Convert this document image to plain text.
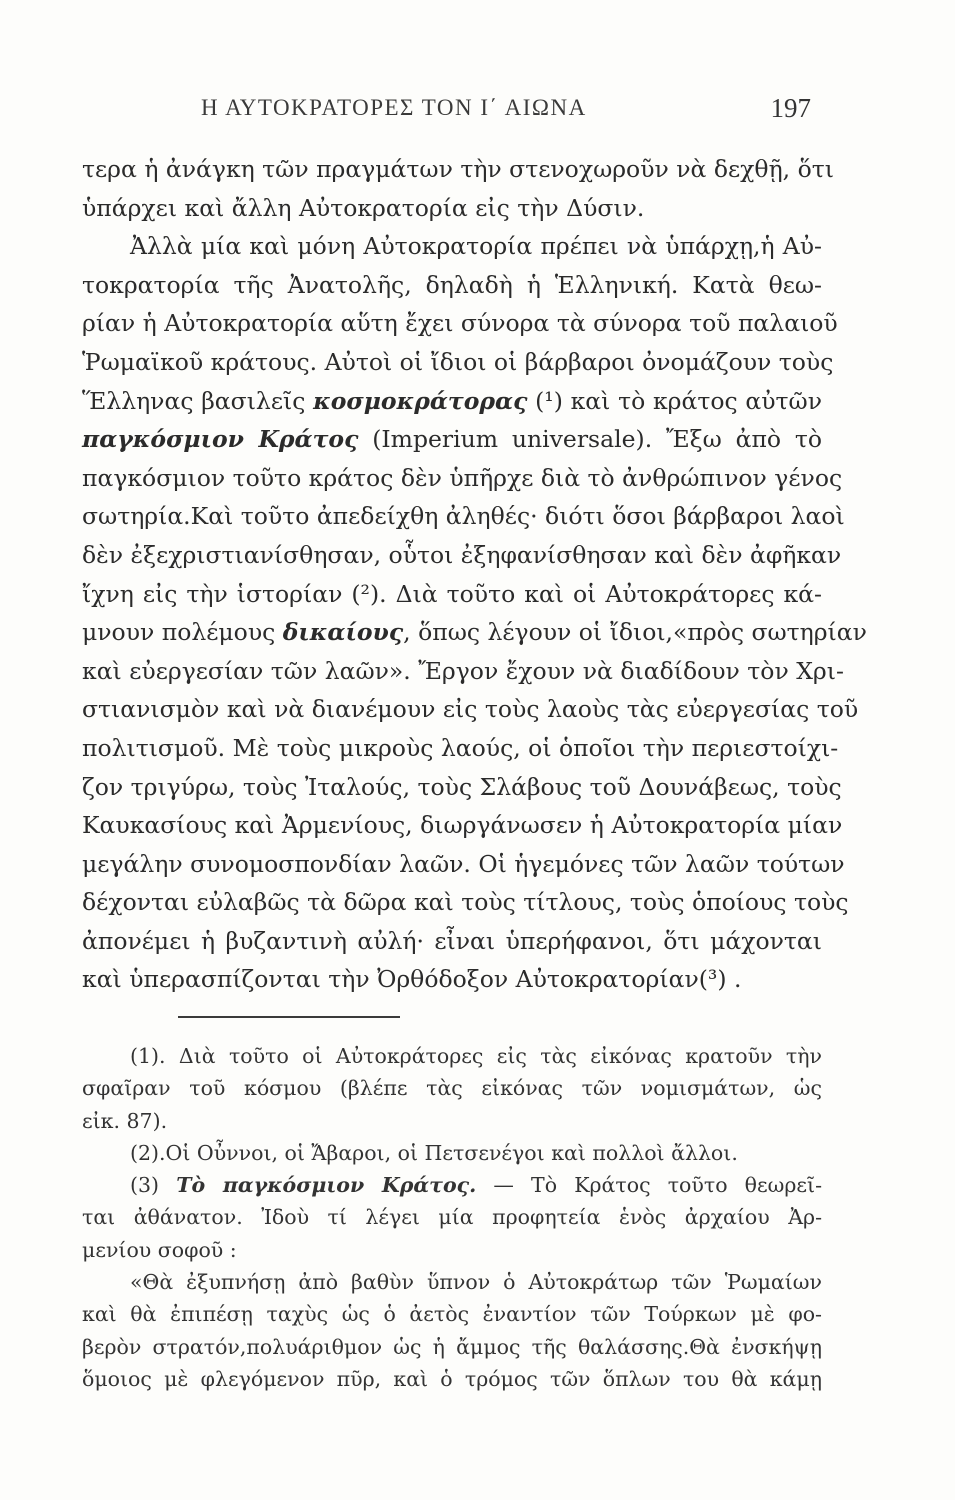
Η ΑΥΤΟΚΡΑΤΟΡΕΣ ΤΟΝ Ι΄ ΑΙΩΝΑ	197
τερα ἡ ἀνάγκη τῶν πραγμάτων τὴν στενοχωροῦν νὰ δεχθῇ, ὅτι
ὑπάρχει καὶ ἄλλη Αὐτοκρατορία εἰς τὴν Δύσιν.
Ἀλλὰ μία καὶ μόνη Αὐτοκρατορία πρέπει νὰ ὑπάρχῃ,ἡ Αὐ-
τοκρατορία τῆς Ἀνατολῆς, δηλαδὴ ἡ Ἑλληνική. Κατὰ θεω-
ρίαν ἡ Αὐτοκρατορία αὕτη ἔχει σύνορα τὰ σύνορα τοῦ παλαιοῦ
Ῥωμαϊκοῦ κράτους. Αὐτοὶ οἱ ἴδιοι οἱ βάρβαροι ὀνομάζουν τοὺς
Ἕλληνας βασιλεῖς κοσμοκράτορας (¹) καὶ τὸ κράτος αὐτῶν
παγκόσμιον Κράτος (Imperium universale). Ἔξω ἀπὸ τὸ
παγκόσμιον τοῦτο κράτος δὲν ὑπῆρχε διὰ τὸ ἀνθρώπινον γένος
σωτηρία.Καὶ τοῦτο ἀπεδείχθη ἀληθές· διότι ὅσοι βάρβαροι λαοὶ
δὲν ἐξεχριστιανίσθησαν, οὗτοι ἐξηφανίσθησαν καὶ δὲν ἀφῆκαν
ἴχνη εἰς τὴν ἱστορίαν (²). Διὰ τοῦτο καὶ οἱ Αὐτοκράτορες κά-
μνουν πολέμους δικαίους, ὅπως λέγουν οἱ ἴδιοι,«πρὸς σωτηρίαν
καὶ εὐεργεσίαν τῶν λαῶν». Ἔργον ἔχουν νὰ διαδίδουν τὸν Χρι-
στιανισμὸν καὶ νὰ διανέμουν εἰς τοὺς λαοὺς τὰς εὐεργεσίας τοῦ
πολιτισμοῦ. Μὲ τοὺς μικροὺς λαούς, οἱ ὁποῖοι τὴν περιεστοίχι-
ζον τριγύρω, τοὺς Ἰταλούς, τοὺς Σλάβους τοῦ Δουνάβεως, τοὺς
Καυκασίους καὶ Ἀρμενίους, διωργάνωσεν ἡ Αὐτοκρατορία μίαν
μεγάλην συνομοσπονδίαν λαῶν. Οἱ ἡγεμόνες τῶν λαῶν τούτων
δέχονται εὐλαβῶς τὰ δῶρα καὶ τοὺς τίτλους, τοὺς ὁποίους τοὺς
ἀπονέμει ἡ βυζαντινὴ αὐλή· εἶναι ὑπερήφανοι, ὅτι μάχονται
καὶ ὑπερασπίζονται τὴν Ὀρθόδοξον Αὐτοκρατορίαν(³) .
(1). Διὰ τοῦτο οἱ Αὐτοκράτορες εἰς τὰς εἰκόνας κρατοῦν τὴν
σφαῖραν τοῦ κόσμου (βλέπε τὰς εἰκόνας τῶν νομισμάτων, ὡς
εἰκ. 87).
(2).Οἱ Οὖννοι, οἱ Ἄβαροι, οἱ Πετσενέγοι καὶ πολλοὶ ἄλλοι.
(3) Τὸ παγκόσμιον Κράτος. — Τὸ Κράτος τοῦτο θεωρεῖ-
ται ἀθάνατον. Ἰδοὺ τί λέγει μία προφητεία ἑνὸς ἀρχαίου Ἀρ-
μενίου σοφοῦ :
«Θὰ ἐξυπνήσῃ ἀπὸ βαθὺν ὕπνον ὁ Αὐτοκράτωρ τῶν Ῥωμαίων
καὶ θὰ ἐπιπέσῃ ταχὺς ὡς ὁ ἀετὸς ἐναντίον τῶν Τούρκων μὲ φο-
βερὸν στρατόν,πολυάριθμον ὡς ἡ ἄμμος τῆς θαλάσσης.Θὰ ἐνσκήψῃ
ὅμοιος μὲ φλεγόμενον πῦρ, καὶ ὁ τρόμος τῶν ὅπλων του θὰ κάμῃ
